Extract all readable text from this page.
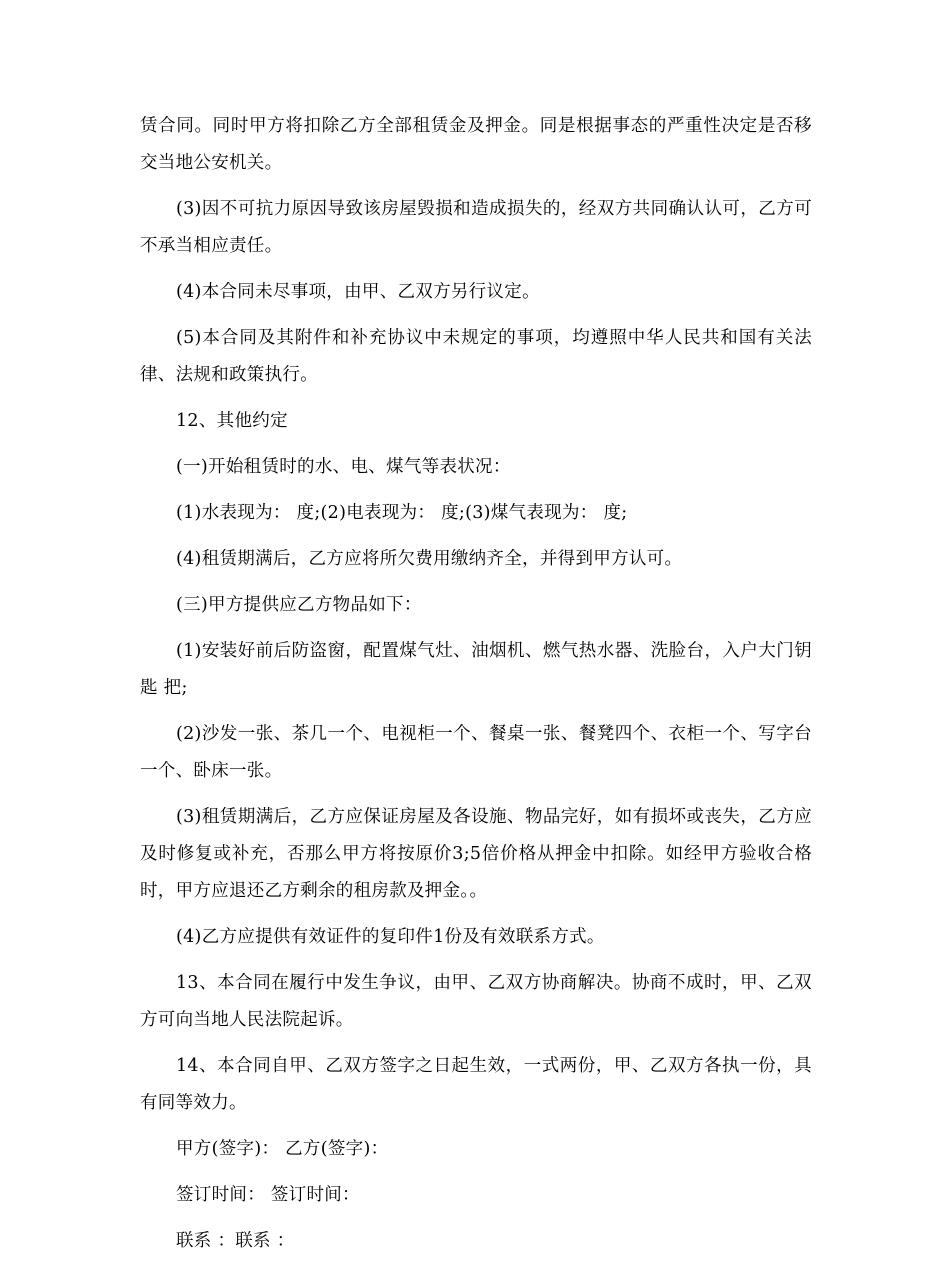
赁合同。同时甲方将扣除乙方全部租赁金及押金。同是根据事态的严重性决定是否移交当地公安机关。

(3)因不可抗力原因导致该房屋毁损和造成损失的，经双方共同确认认可，乙方可不承当相应责任。

(4)本合同未尽事项，由甲、乙双方另行议定。

(5)本合同及其附件和补充协议中未规定的事项，均遵照中华人民共和国有关法律、法规和政策执行。

12、其他约定

(一)开始租赁时的水、电、煤气等表状况：

(1)水表现为： 度;(2)电表现为： 度;(3)煤气表现为： 度;

(4)租赁期满后，乙方应将所欠费用缴纳齐全，并得到甲方认可。

(三)甲方提供应乙方物品如下：

(1)安装好前后防盗窗，配置煤气灶、油烟机、燃气热水器、洗脸台，入户大门钥匙 把;

(2)沙发一张、茶几一个、电视柜一个、餐桌一张、餐凳四个、衣柜一个、写字台一个、卧床一张。

(3)租赁期满后，乙方应保证房屋及各设施、物品完好，如有损坏或丧失，乙方应及时修复或补充，否那么甲方将按原价3;5倍价格从押金中扣除。如经甲方验收合格时，甲方应退还乙方剩余的租房款及押金。。

(4)乙方应提供有效证件的复印件1份及有效联系方式。

13、本合同在履行中发生争议，由甲、乙双方协商解决。协商不成时，甲、乙双方可向当地人民法院起诉。

14、本合同自甲、乙双方签字之日起生效，一式两份，甲、乙双方各执一份，具有同等效力。

甲方(签字)： 乙方(签字)：

签订时间： 签订时间：

联系 ：联系 ：
